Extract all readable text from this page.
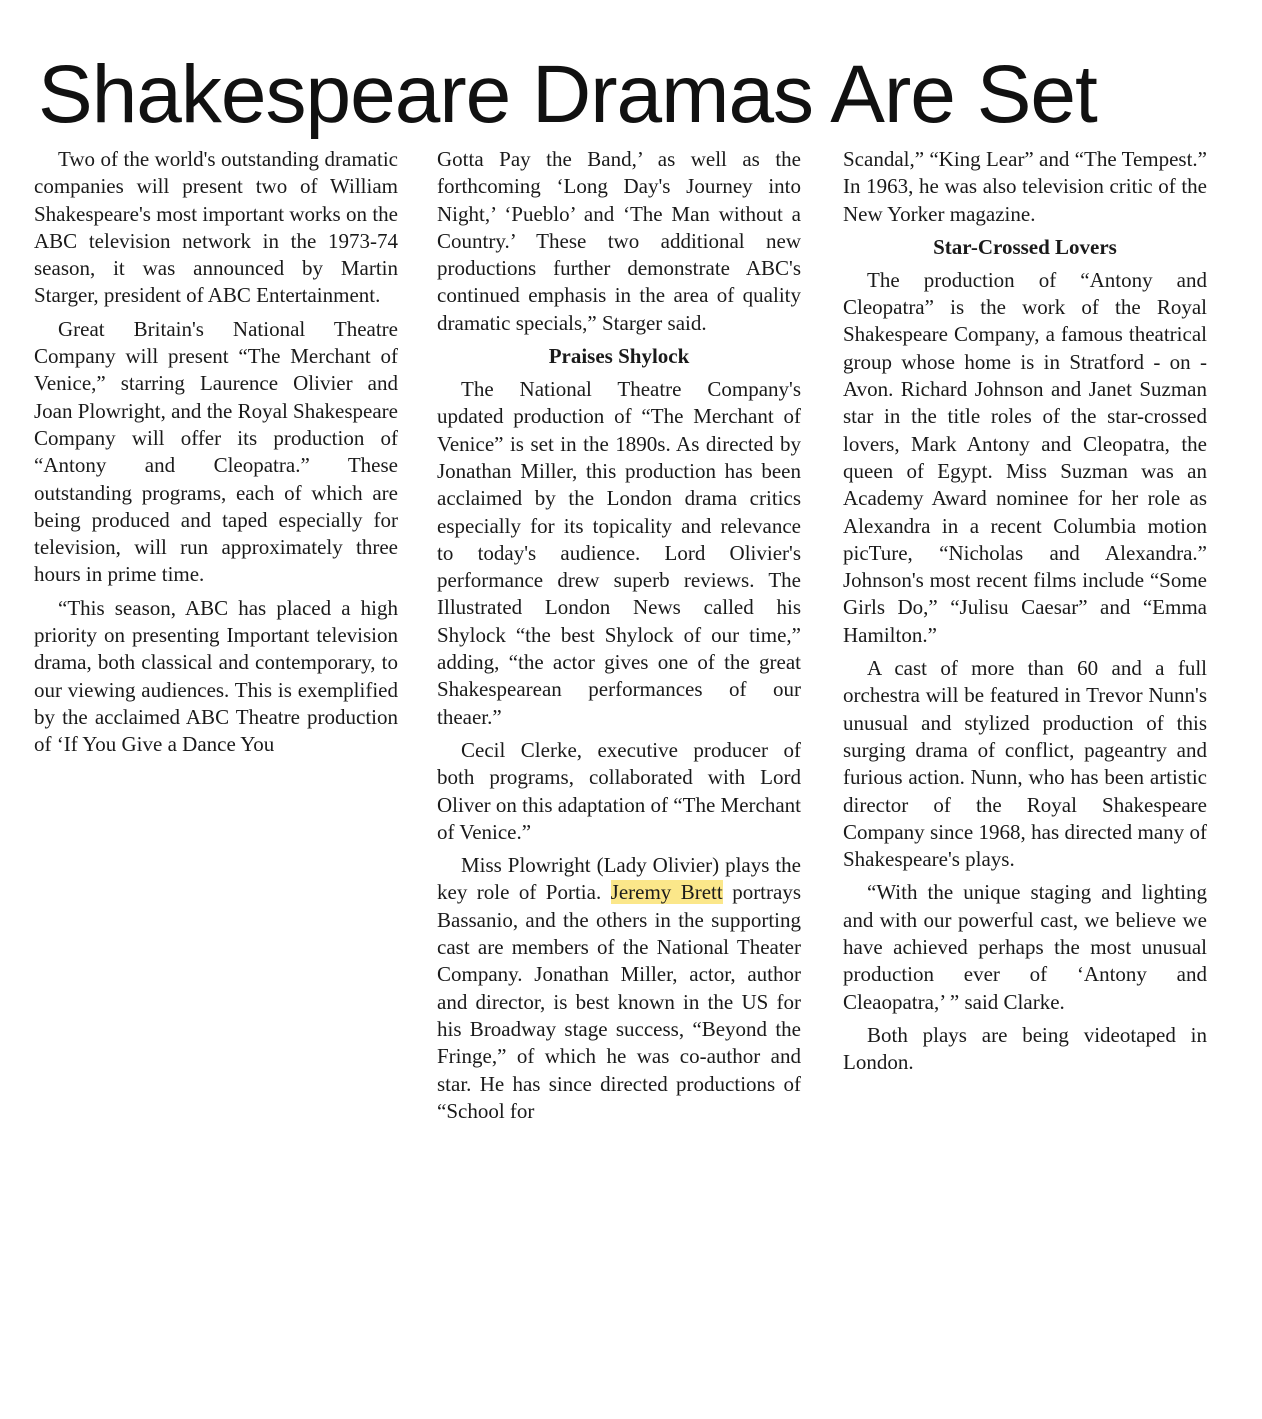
Shakespeare Dramas Are Set

Two of the world's outstanding dramatic companies will present two of William Shakespeare's most important works on the ABC television network in the 1973-74 season, it was announced by Martin Starger, president of ABC Entertainment.

Great Britain's National Theatre Company will present “The Merchant of Venice,” starring Laurence Olivier and Joan Plowright, and the Royal Shakespeare Company will offer its production of “Antony and Cleopatra.” These outstanding programs, each of which are being produced and taped especially for television, will run approximately three hours in prime time.

“This season, ABC has placed a high priority on presenting Important television drama, both classical and contemporary, to our viewing audiences. This is exemplified by the acclaimed ABC Theatre production of ‘If You Give a Dance You

Gotta Pay the Band,’ as well as the forthcoming ‘Long Day's Journey into Night,’ ‘Pueblo’ and ‘The Man without a Country.’ These two additional new productions further demonstrate ABC's continued emphasis in the area of quality dramatic specials,” Starger said.

Praises Shylock

The National Theatre Company's updated production of “The Merchant of Venice” is set in the 1890s. As directed by Jonathan Miller, this production has been acclaimed by the London drama critics especially for its topicality and relevance to today's audience. Lord Olivier's performance drew superb reviews. The Illustrated London News called his Shylock “the best Shylock of our time,” adding, “the actor gives one of the great Shakespearean performances of our theaer.”

Cecil Clerke, executive producer of both programs, collaborated with Lord Oliver on this adaptation of “The Merchant of Venice.”

Miss Plowright (Lady Olivier) plays the key role of Portia. Jeremy Brett portrays Bassanio, and the others in the supporting cast are members of the National Theater Company. Jonathan Miller, actor, author and director, is best known in the US for his Broadway stage success, “Beyond the Fringe,” of which he was co-author and star. He has since directed productions of “School for

Scandal,” “King Lear” and “The Tempest.” In 1963, he was also television critic of the New Yorker magazine.

Star-Crossed Lovers

The production of “Antony and Cleopatra” is the work of the Royal Shakespeare Company, a famous theatrical group whose home is in Stratford - on - Avon. Richard Johnson and Janet Suzman star in the title roles of the star-crossed lovers, Mark Antony and Cleopatra, the queen of Egypt. Miss Suzman was an Academy Award nominee for her role as Alexandra in a recent Columbia motion picTure, “Nicholas and Alexandra.” Johnson's most recent films include “Some Girls Do,” “Julisu Caesar” and “Emma Hamilton.”

A cast of more than 60 and a full orchestra will be featured in Trevor Nunn's unusual and stylized production of this surging drama of conflict, pageantry and furious action. Nunn, who has been artistic director of the Royal Shakespeare Company since 1968, has directed many of Shakespeare's plays.

“With the unique staging and lighting and with our powerful cast, we believe we have achieved perhaps the most unusual production ever of ‘Antony and Cleaopatra,’ ” said Clarke.

Both plays are being videotaped in London.
